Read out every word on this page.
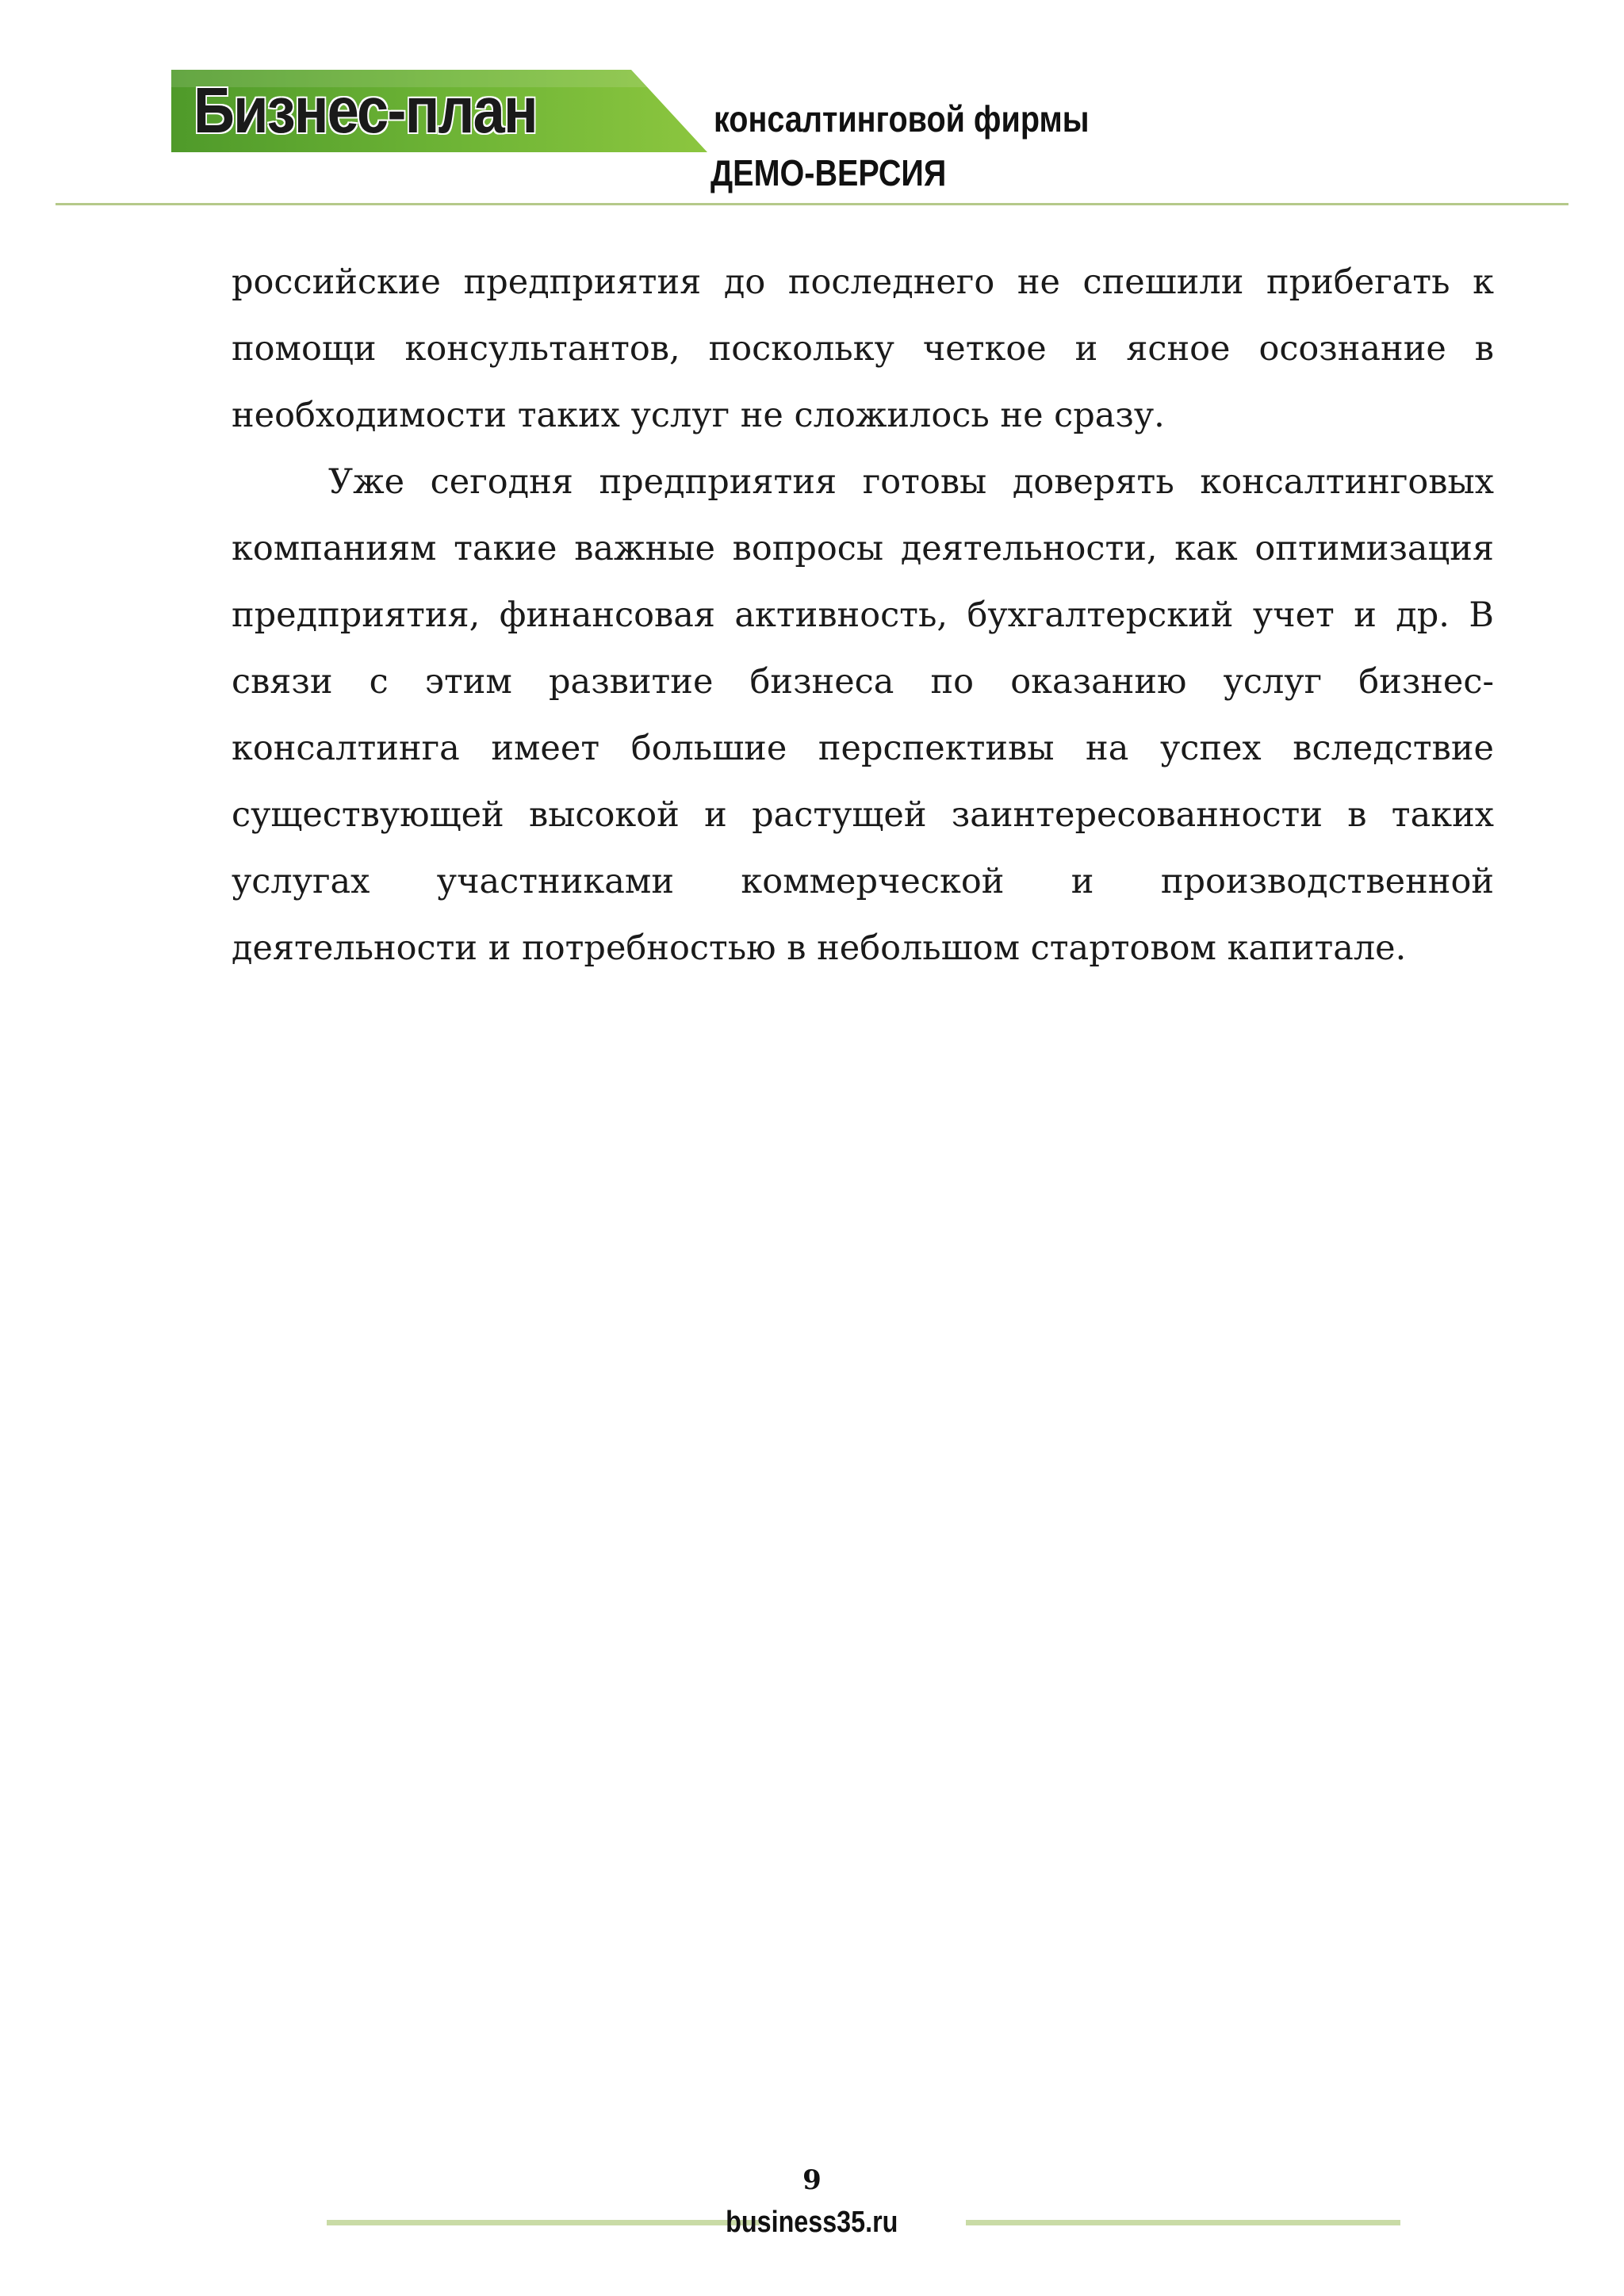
Бизнес-план	консалтинговой фирмы
ДЕМО-ВЕРСИЯ

российские предприятия до последнего не спешили прибегать к помощи консультантов, поскольку четкое и ясное осознание в необходимости таких услуг не сложилось не сразу.

Уже сегодня предприятия готовы доверять консалтинговых компаниям такие важные вопросы деятельности, как оптимизация предприятия, финансовая активность, бухгалтерский учет и др. В связи с этим развитие бизнеса по оказанию услуг бизнес-консалтинга имеет большие перспективы на успех вследствие существующей высокой и растущей заинтересованности в таких услугах участниками коммерческой и производственной деятельности и потребностью в небольшом стартовом капитале.

9
business35.ru
